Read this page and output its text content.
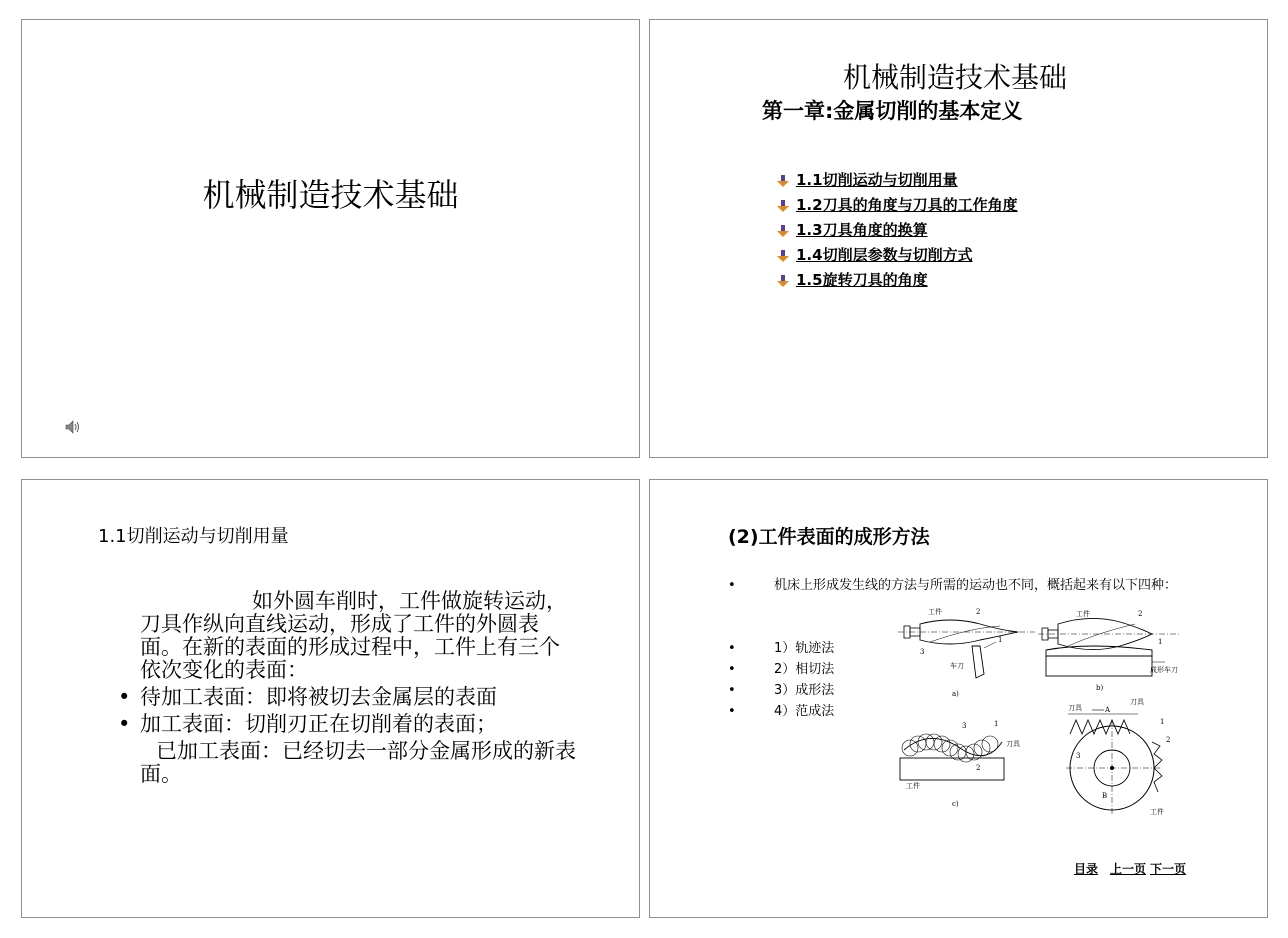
机械制造技术基础
机械制造技术基础
第一章:金属切削的基本定义
1.1切削运动与切削用量
1.2刀具的角度与刀具的工作角度
1.3刀具角度的换算
1.4切削层参数与切削方式
1.5旋转刀具的角度
1.1切削运动与切削用量

如外圆车削时，工件做旋转运动，刀具作纵向直线运动，形成了工件的外圆表面。在新的表面的形成过程中，工件上有三个依次变化的表面：

• 待加工表面：即将被切去金属层的表面

• 加工表面：切削刃正在切削着的表面；

已加工表面：已经切去一部分金属形成的新表面。

(2)工件表面的成形方法
•	机床上形成发生线的方法与所需的运动也不同，概括起来有以下四种：
• 1）轨迹法
• 2）相切法
• 3）成形法
• 4）范成法
工件	2
3
1
车刀
a)
工件	2
1
成形车刀
b)
3	1
2
刀具
工件
c)
刀具
刀具	A
1
2
3
B
工件
目录 上一页 下一页
